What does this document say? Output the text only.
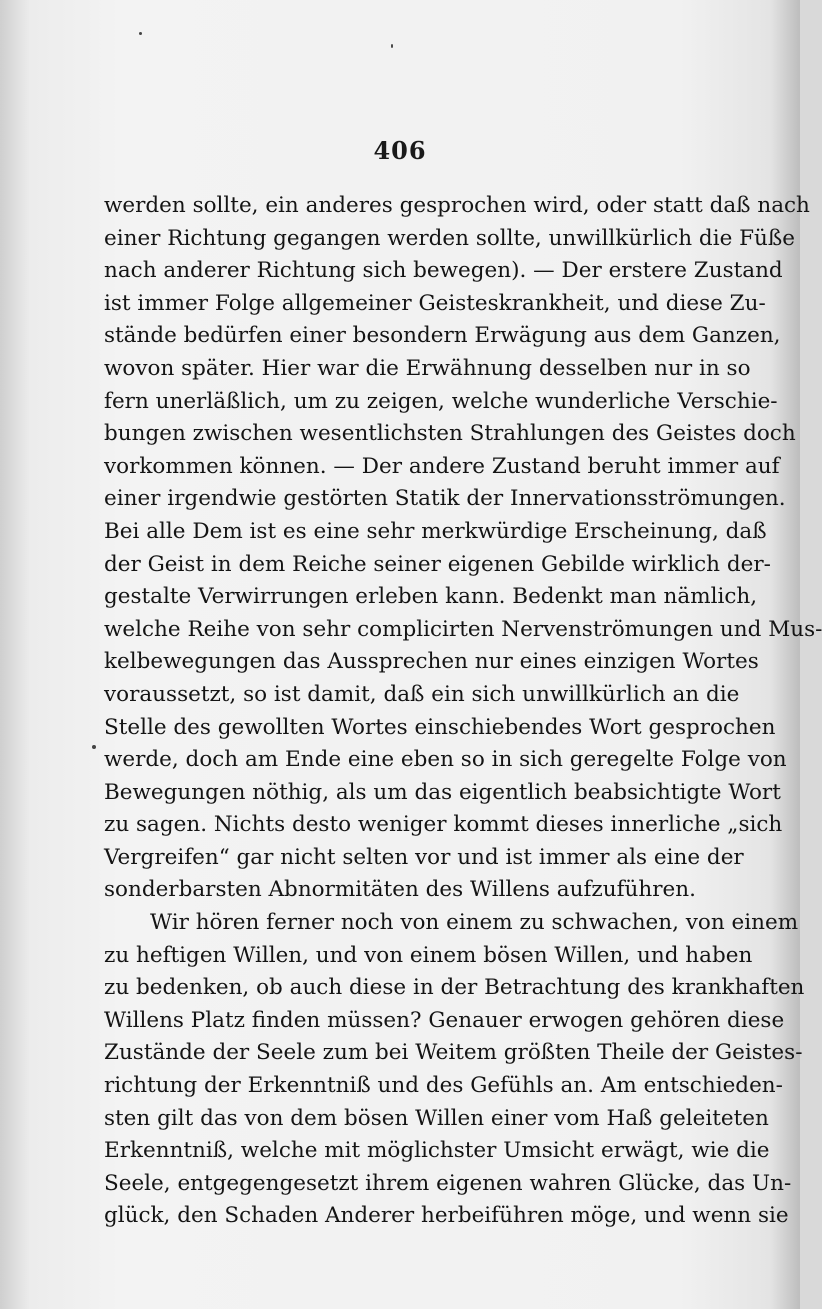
406
werden sollte, ein anderes gesprochen wird, oder statt daß nach
einer Richtung gegangen werden sollte, unwillkürlich die Füße
nach anderer Richtung sich bewegen). — Der erstere Zustand
ist immer Folge allgemeiner Geisteskrankheit, und diese Zu-
stände bedürfen einer besondern Erwägung aus dem Ganzen,
wovon später. Hier war die Erwähnung desselben nur in so
fern unerläßlich, um zu zeigen, welche wunderliche Verschie-
bungen zwischen wesentlichsten Strahlungen des Geistes doch
vorkommen können. — Der andere Zustand beruht immer auf
einer irgendwie gestörten Statik der Innervationsströmungen.
Bei alle Dem ist es eine sehr merkwürdige Erscheinung, daß
der Geist in dem Reiche seiner eigenen Gebilde wirklich der-
gestalte Verwirrungen erleben kann. Bedenkt man nämlich,
welche Reihe von sehr complicirten Nervenströmungen und Mus-
kelbewegungen das Aussprechen nur eines einzigen Wortes
voraussetzt, so ist damit, daß ein sich unwillkürlich an die
Stelle des gewollten Wortes einschiebendes Wort gesprochen
werde, doch am Ende eine eben so in sich geregelte Folge von
Bewegungen nöthig, als um das eigentlich beabsichtigte Wort
zu sagen. Nichts desto weniger kommt dieses innerliche „sich
Vergreifen“ gar nicht selten vor und ist immer als eine der
sonderbarsten Abnormitäten des Willens aufzuführen.
Wir hören ferner noch von einem zu schwachen, von einem
zu heftigen Willen, und von einem bösen Willen, und haben
zu bedenken, ob auch diese in der Betrachtung des krankhaften
Willens Platz finden müssen? Genauer erwogen gehören diese
Zustände der Seele zum bei Weitem größten Theile der Geistes-
richtung der Erkenntniß und des Gefühls an. Am entschieden-
sten gilt das von dem bösen Willen einer vom Haß geleiteten
Erkenntniß, welche mit möglichster Umsicht erwägt, wie die
Seele, entgegengesetzt ihrem eigenen wahren Glücke, das Un-
glück, den Schaden Anderer herbeiführen möge, und wenn sie
